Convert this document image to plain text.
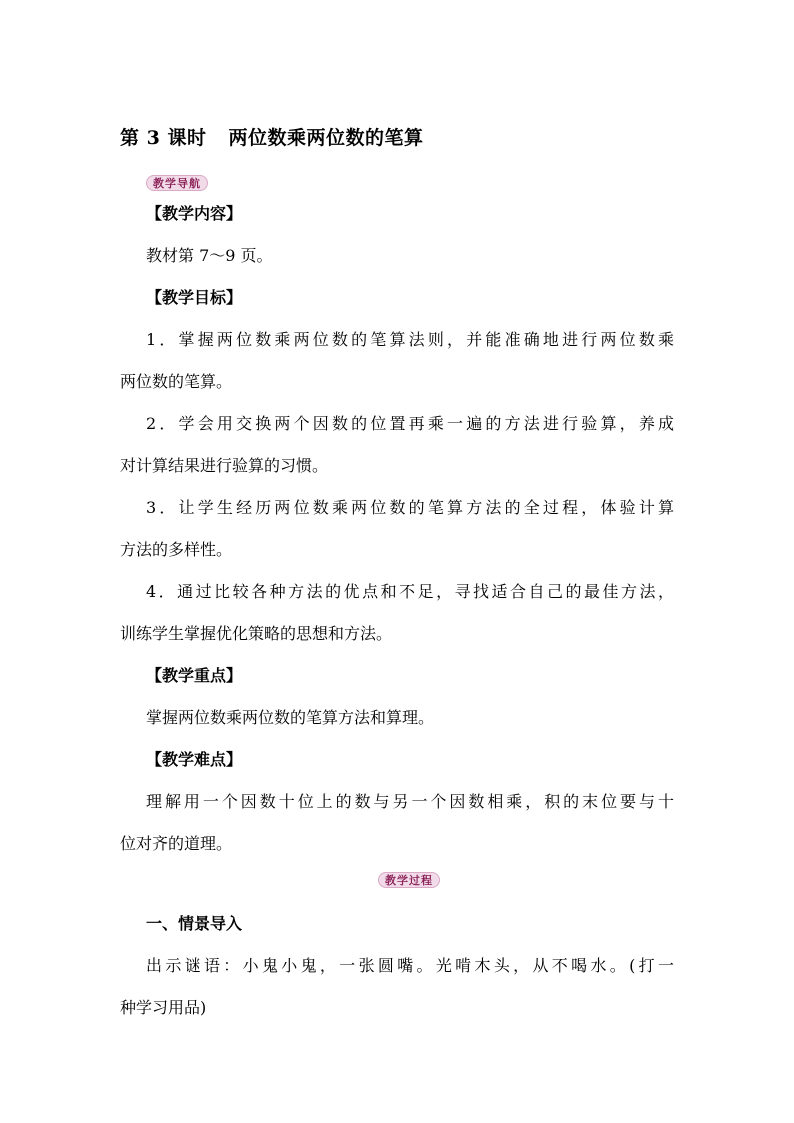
第 3 课时 两位数乘两位数的笔算
教学导航
【教学内容】
教材第 7～9 页。
【教学目标】
1．掌握两位数乘两位数的笔算法则，并能准确地进行两位数乘
两位数的笔算。
2．学会用交换两个因数的位置再乘一遍的方法进行验算，养成
对计算结果进行验算的习惯。
3．让学生经历两位数乘两位数的笔算方法的全过程，体验计算
方法的多样性。
4．通过比较各种方法的优点和不足，寻找适合自己的最佳方法，
训练学生掌握优化策略的思想和方法。
【教学重点】
掌握两位数乘两位数的笔算方法和算理。
【教学难点】
理解用一个因数十位上的数与另一个因数相乘，积的末位要与十
位对齐的道理。
教学过程
一、情景导入
出示谜语：小鬼小鬼，一张圆嘴。光啃木头，从不喝水。(打一
种学习用品)
